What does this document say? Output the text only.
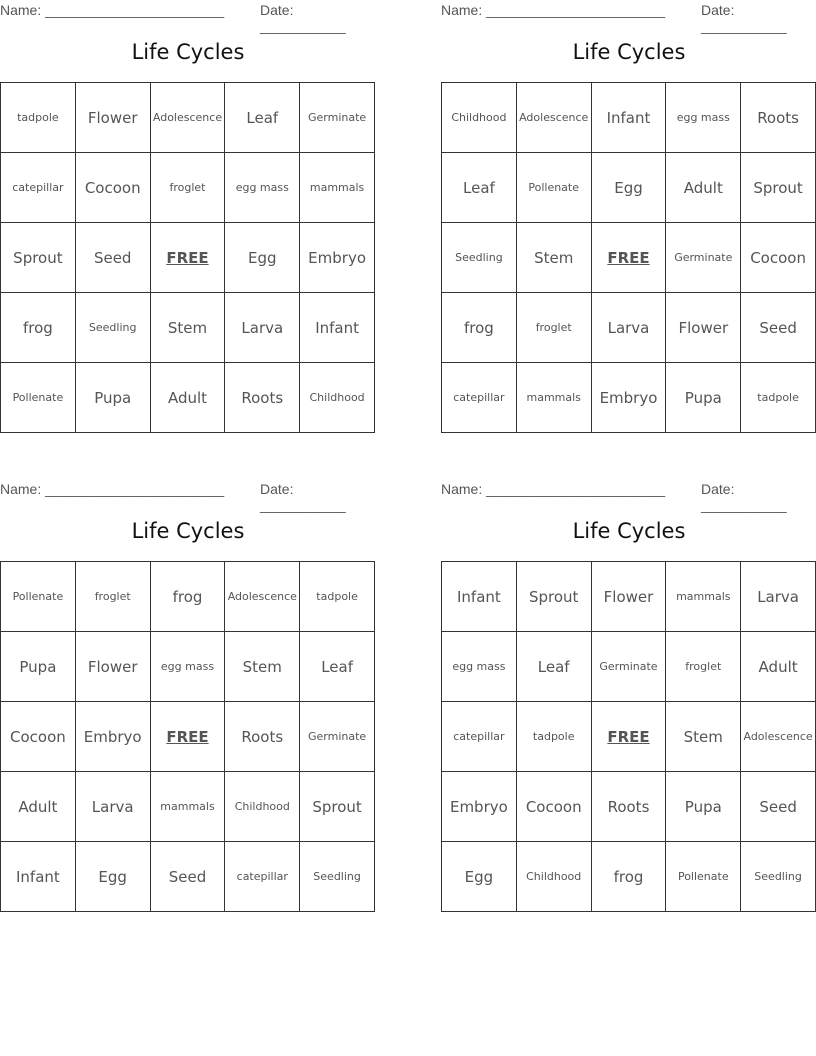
Name: _______________________	Date: ___________
Life Cycles
tadpole	Flower	Adolescence	Leaf	Germinate
catepillar	Cocoon	froglet	egg mass	mammals
Sprout	Seed	FREE	Egg	Embryo
frog	Seedling	Stem	Larva	Infant
Pollenate	Pupa	Adult	Roots	Childhood
Name: _______________________	Date: ___________
Life Cycles
Childhood	Adolescence	Infant	egg mass	Roots
Leaf	Pollenate	Egg	Adult	Sprout
Seedling	Stem	FREE	Germinate	Cocoon
frog	froglet	Larva	Flower	Seed
catepillar	mammals	Embryo	Pupa	tadpole
Name: _______________________	Date: ___________
Life Cycles
Pollenate	froglet	frog	Adolescence	tadpole
Pupa	Flower	egg mass	Stem	Leaf
Cocoon	Embryo	FREE	Roots	Germinate
Adult	Larva	mammals	Childhood	Sprout
Infant	Egg	Seed	catepillar	Seedling
Name: _______________________	Date: ___________
Life Cycles
Infant	Sprout	Flower	mammals	Larva
egg mass	Leaf	Germinate	froglet	Adult
catepillar	tadpole	FREE	Stem	Adolescence
Embryo	Cocoon	Roots	Pupa	Seed
Egg	Childhood	frog	Pollenate	Seedling
